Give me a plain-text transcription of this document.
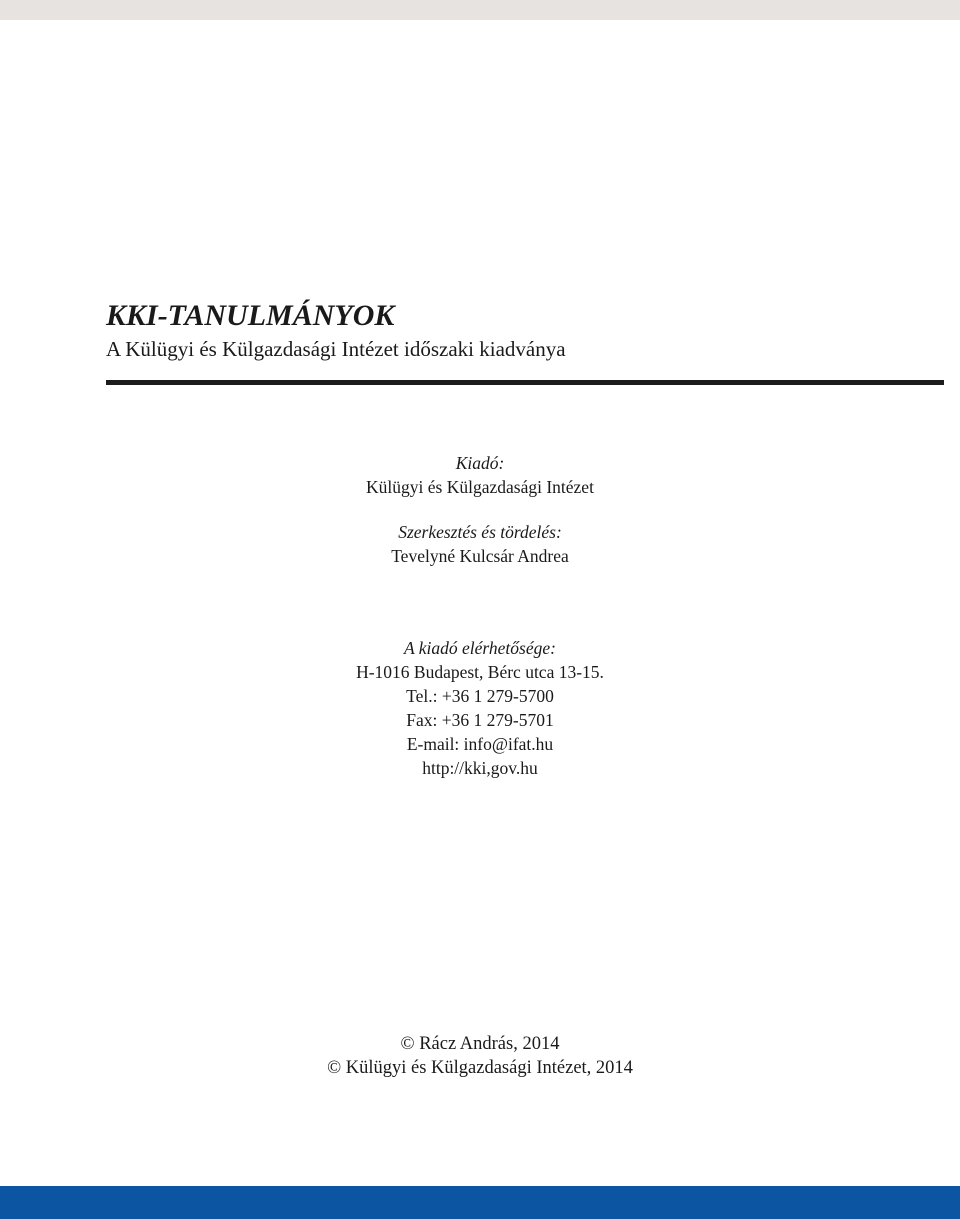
KKI-TANULMÁNYOK
A Külügyi és Külgazdasági Intézet időszaki kiadványa
Kiadó:
Külügyi és Külgazdasági Intézet
Szerkesztés és tördelés:
Tevelyné Kulcsár Andrea
A kiadó elérhetősége:
H-1016 Budapest, Bérc utca 13-15.
Tel.: +36 1 279-5700
Fax: +36 1 279-5701
E-mail: info@ifat.hu
http://kki,gov.hu
© Rácz András, 2014
© Külügyi és Külgazdasági Intézet, 2014
